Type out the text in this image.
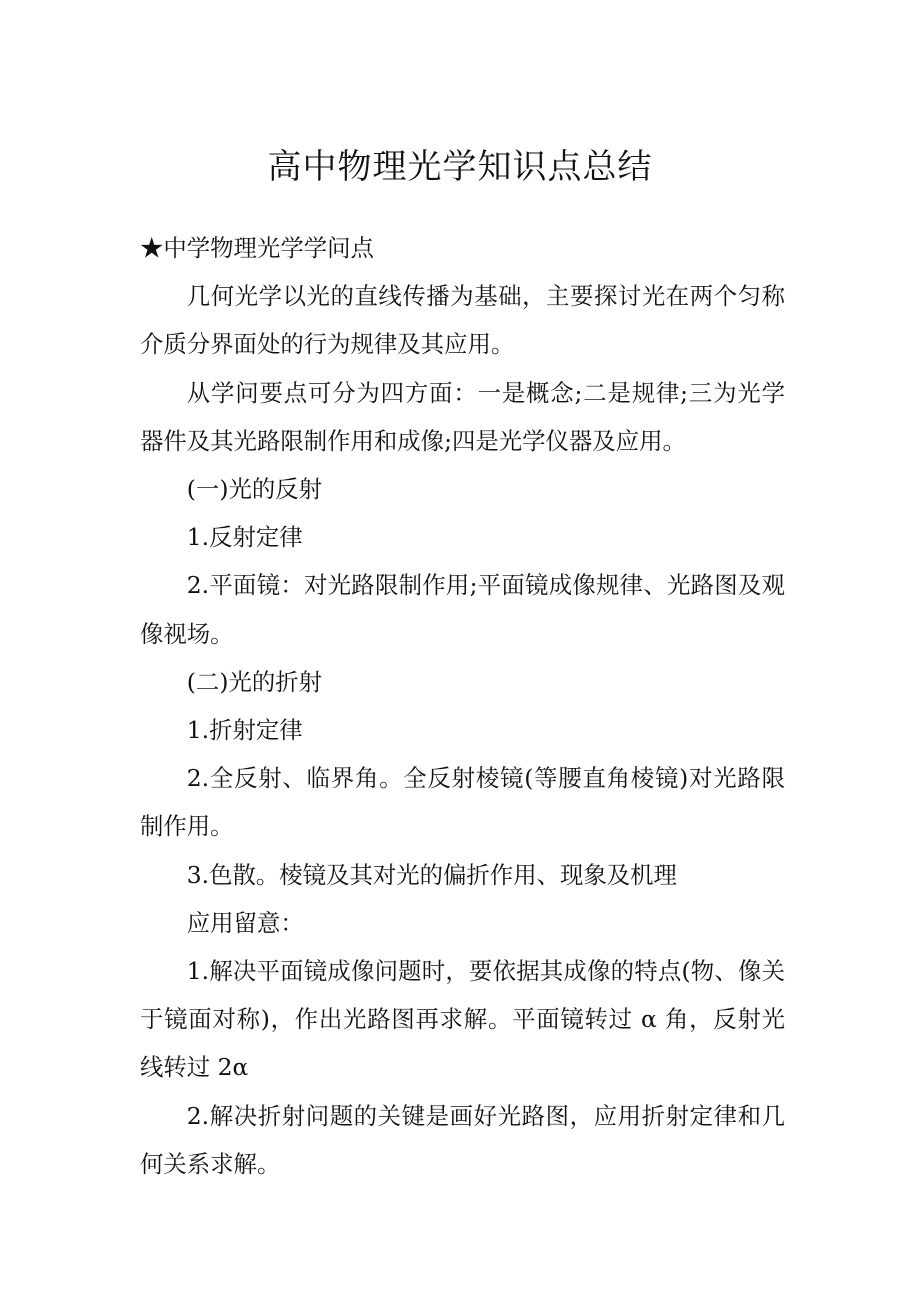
高中物理光学知识点总结

★中学物理光学学问点

几何光学以光的直线传播为基础，主要探讨光在两个匀称介质分界面处的行为规律及其应用。

从学问要点可分为四方面：一是概念;二是规律;三为光学器件及其光路限制作用和成像;四是光学仪器及应用。

(一)光的反射

1.反射定律

2.平面镜：对光路限制作用;平面镜成像规律、光路图及观像视场。

(二)光的折射

1.折射定律

2.全反射、临界角。全反射棱镜(等腰直角棱镜)对光路限制作用。

3.色散。棱镜及其对光的偏折作用、现象及机理

应用留意：

1.解决平面镜成像问题时，要依据其成像的特点(物、像关于镜面对称)，作出光路图再求解。平面镜转过 α 角，反射光线转过 2α

2.解决折射问题的关键是画好光路图，应用折射定律和几何关系求解。
